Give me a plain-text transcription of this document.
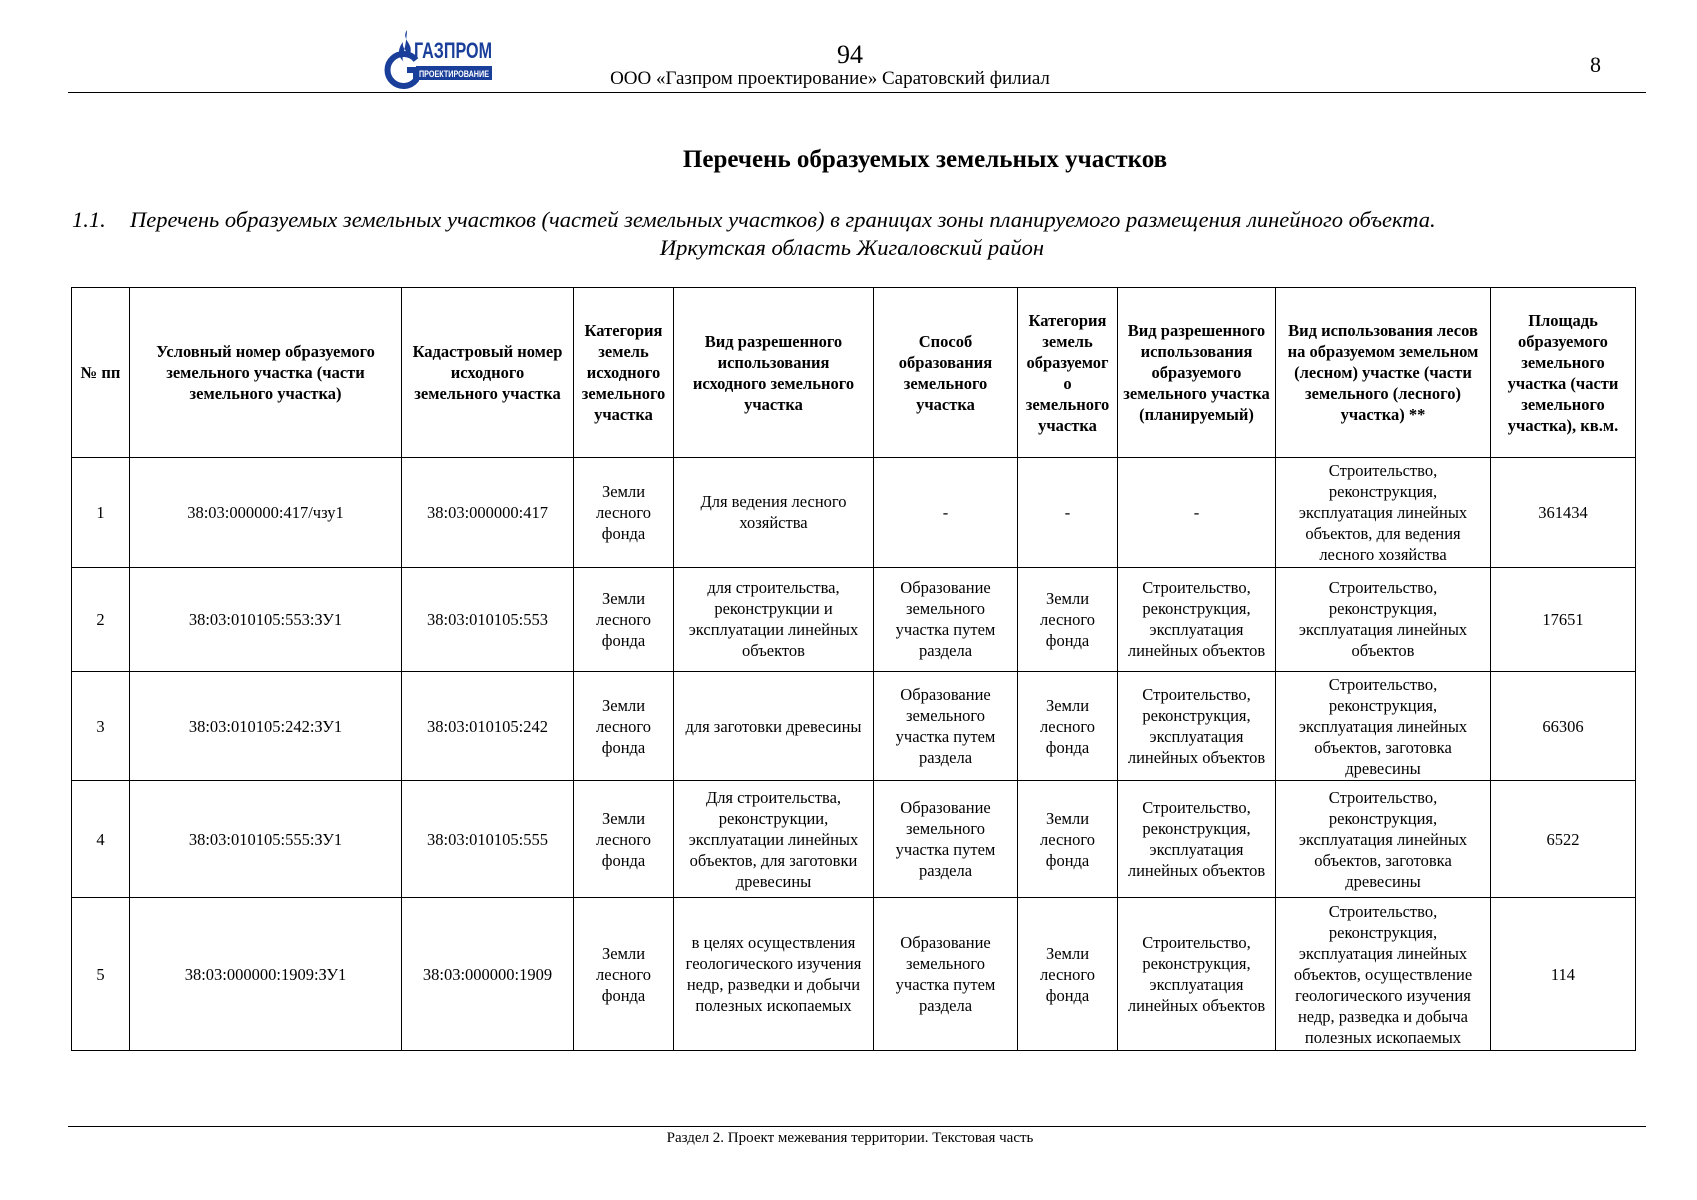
ГАЗПРОМ
ПРОЕКТИРОВАНИЕ
94
ООО «Газпром проектирование» Саратовский филиал
8
Перечень образуемых земельных участков
1.1.	Перечень образуемых земельных участков (частей земельных участков) в границах зоны планируемого размещения линейного объекта.
Иркутская область Жигаловский район
№ пп	Условный номер образуемого земельного участка (части земельного участка)	Кадастровый номер исходного земельного участка	Категория земель исходного земельного участка	Вид разрешенного использования исходного земельного участка	Способ образования земельного участка	Категория земель образуемого земельного участка	Вид разрешенного использования образуемого земельного участка (планируемый)	Вид использования лесов на образуемом земельном (лесном) участке (части земельного (лесного) участка) **	Площадь образуемого земельного участка (части земельного участка), кв.м.
1	38:03:000000:417/чзу1	38:03:000000:417	Земли лесного фонда	Для ведения лесного хозяйства	-	-	-	Строительство, реконструкция, эксплуатация линейных объектов, для ведения лесного хозяйства	361434
2	38:03:010105:553:ЗУ1	38:03:010105:553	Земли лесного фонда	для строительства, реконструкции и эксплуатации линейных объектов	Образование земельного участка путем раздела	Земли лесного фонда	Строительство, реконструкция, эксплуатация линейных объектов	Строительство, реконструкция, эксплуатация линейных объектов	17651
3	38:03:010105:242:ЗУ1	38:03:010105:242	Земли лесного фонда	для заготовки древесины	Образование земельного участка путем раздела	Земли лесного фонда	Строительство, реконструкция, эксплуатация линейных объектов	Строительство, реконструкция, эксплуатация линейных объектов, заготовка древесины	66306
4	38:03:010105:555:ЗУ1	38:03:010105:555	Земли лесного фонда	Для строительства, реконструкции, эксплуатации линейных объектов, для заготовки древесины	Образование земельного участка путем раздела	Земли лесного фонда	Строительство, реконструкция, эксплуатация линейных объектов	Строительство, реконструкция, эксплуатация линейных объектов, заготовка древесины	6522
5	38:03:000000:1909:ЗУ1	38:03:000000:1909	Земли лесного фонда	в целях осуществления геологического изучения недр, разведки и добычи полезных ископаемых	Образование земельного участка путем раздела	Земли лесного фонда	Строительство, реконструкция, эксплуатация линейных объектов	Строительство, реконструкция, эксплуатация линейных объектов, осуществление геологического изучения недр, разведка и добыча полезных ископаемых	114
Раздел 2. Проект межевания территории. Текстовая часть
